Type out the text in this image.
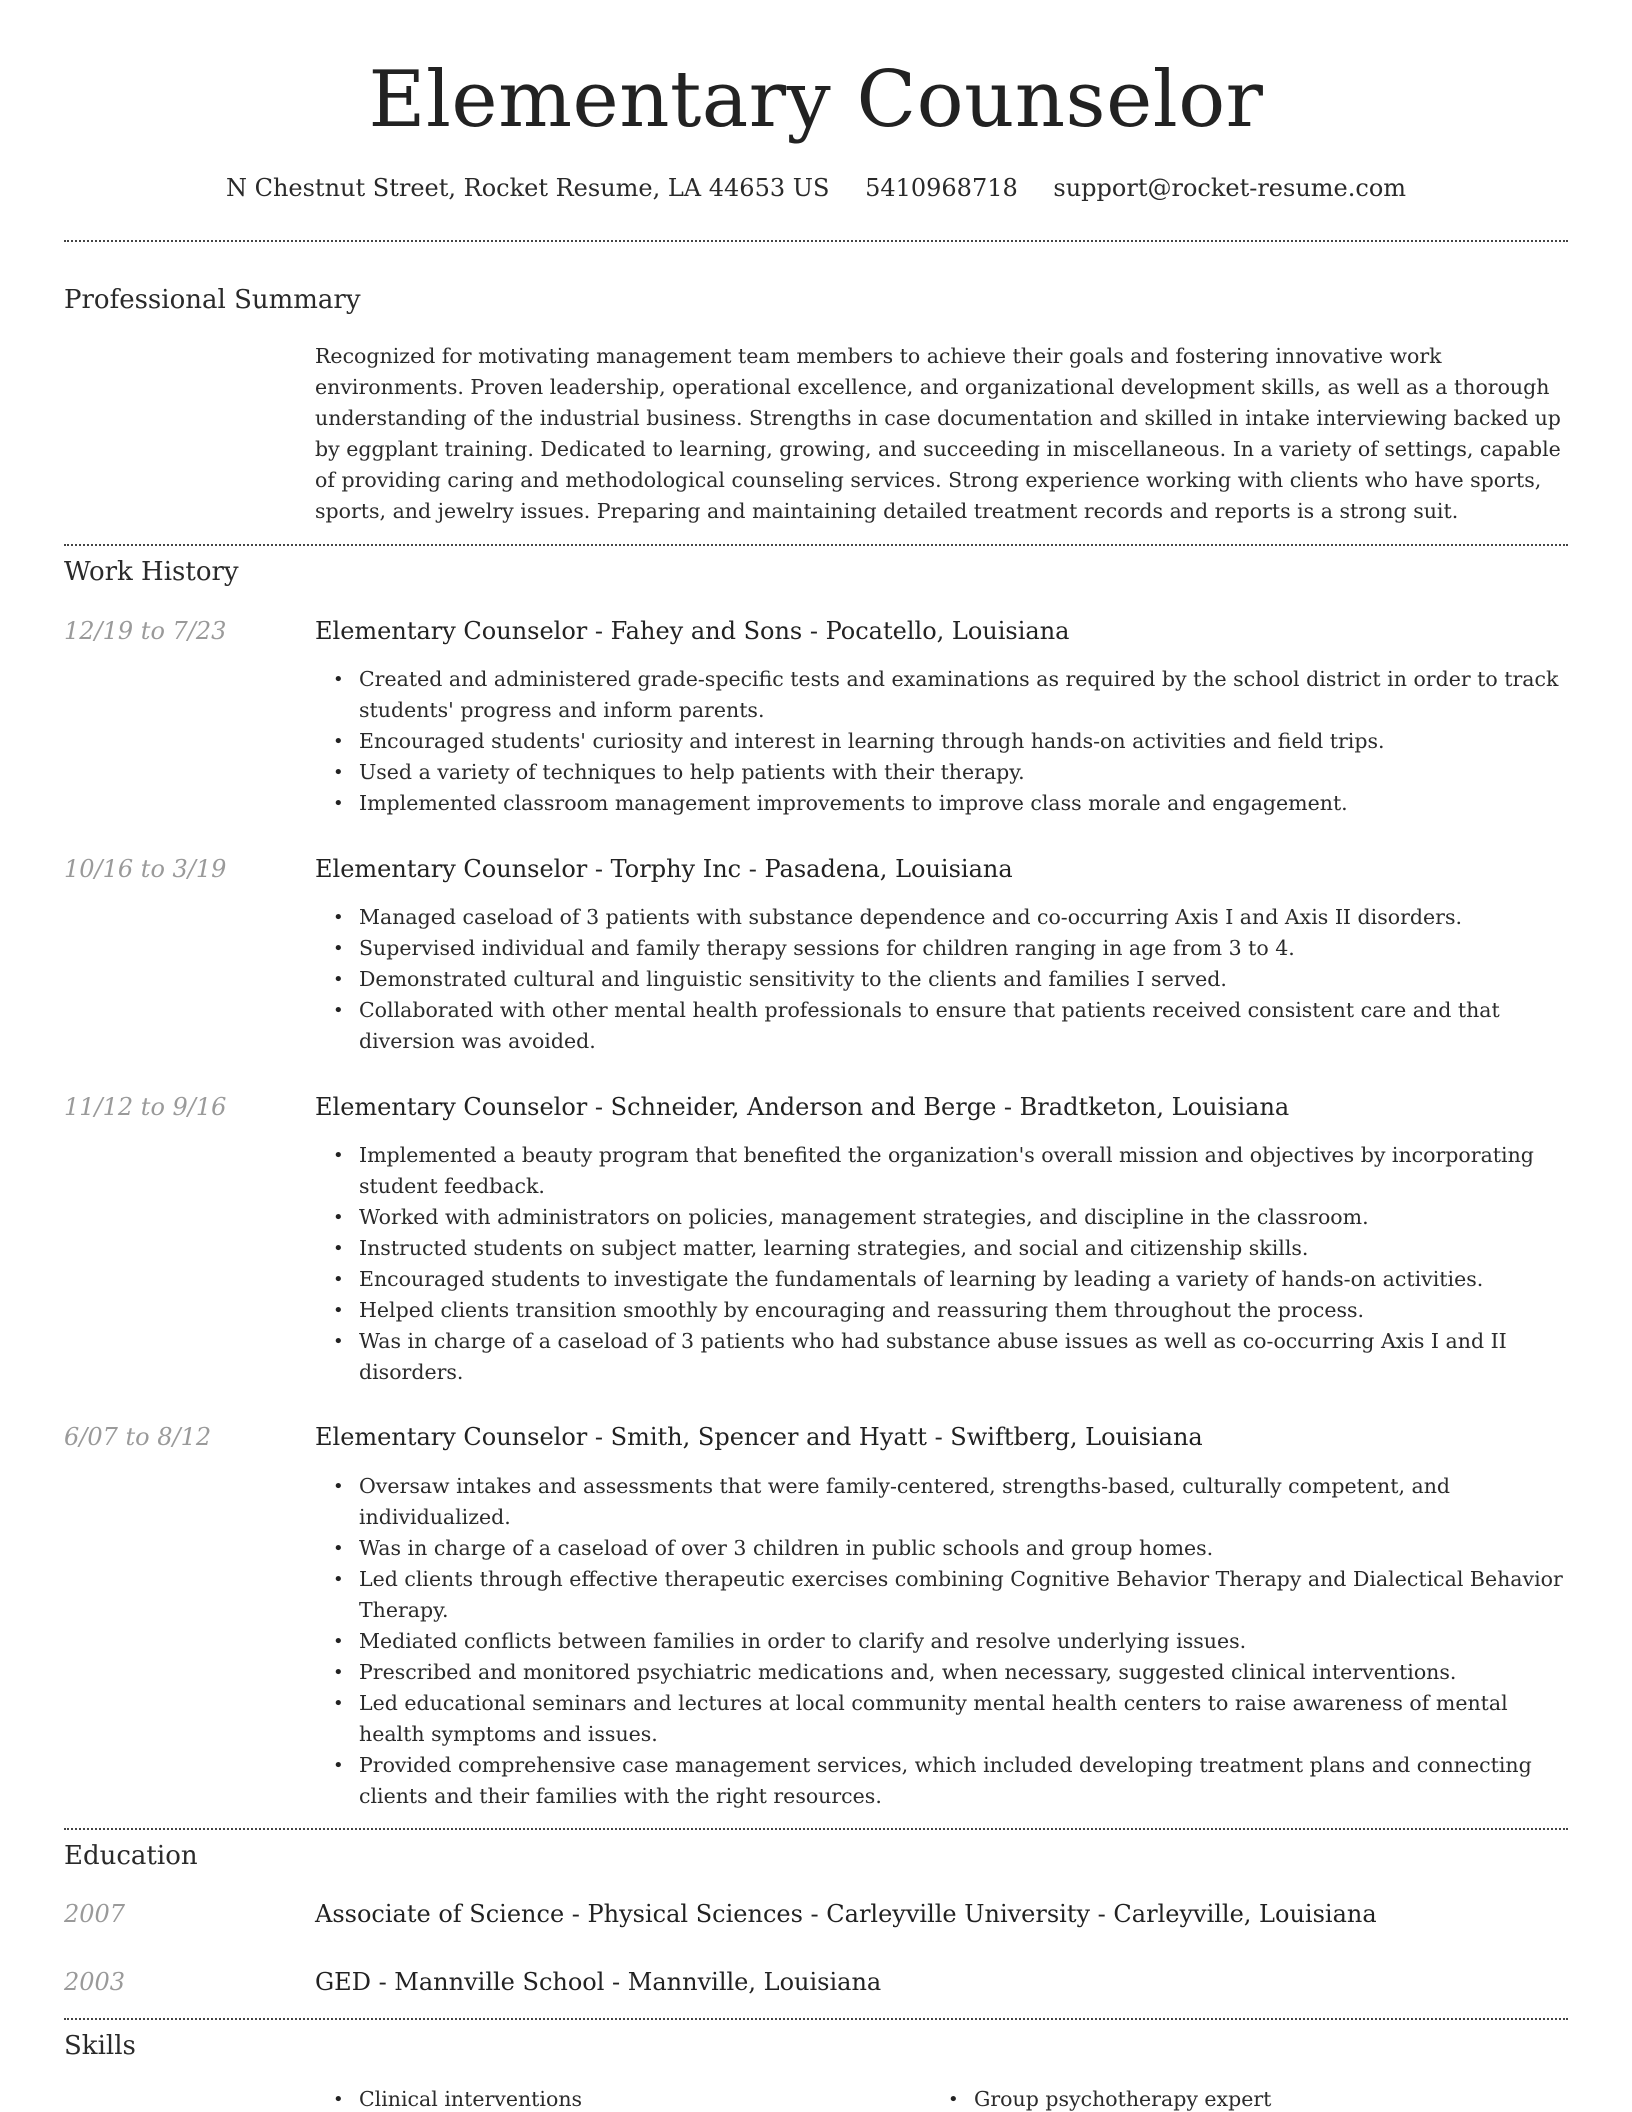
Elementary Counselor
N Chestnut Street, Rocket Resume, LA 44653 US 5410968718 support@rocket-resume.com
Professional Summary

Recognized for motivating management team members to achieve their goals and fostering innovative work environments. Proven leadership, operational excellence, and organizational development skills, as well as a thorough understanding of the industrial business. Strengths in case documentation and skilled in intake interviewing backed up by eggplant training. Dedicated to learning, growing, and succeeding in miscellaneous. In a variety of settings, capable of providing caring and methodological counseling services. Strong experience working with clients who have sports, sports, and jewelry issues. Preparing and maintaining detailed treatment records and reports is a strong suit.

Work History
12/19 to 7/23	Elementary Counselor - Fahey and Sons - Pocatello, Louisiana
• Created and administered grade-specific tests and examinations as required by the school district in order to track students' progress and inform parents.
• Encouraged students' curiosity and interest in learning through hands-on activities and field trips.
• Used a variety of techniques to help patients with their therapy.
• Implemented classroom management improvements to improve class morale and engagement.
10/16 to 3/19	Elementary Counselor - Torphy Inc - Pasadena, Louisiana
• Managed caseload of 3 patients with substance dependence and co-occurring Axis I and Axis II disorders.
• Supervised individual and family therapy sessions for children ranging in age from 3 to 4.
• Demonstrated cultural and linguistic sensitivity to the clients and families I served.
• Collaborated with other mental health professionals to ensure that patients received consistent care and that diversion was avoided.
11/12 to 9/16	Elementary Counselor - Schneider, Anderson and Berge - Bradtketon, Louisiana
• Implemented a beauty program that benefited the organization's overall mission and objectives by incorporating student feedback.
• Worked with administrators on policies, management strategies, and discipline in the classroom.
• Instructed students on subject matter, learning strategies, and social and citizenship skills.
• Encouraged students to investigate the fundamentals of learning by leading a variety of hands-on activities.
• Helped clients transition smoothly by encouraging and reassuring them throughout the process.
• Was in charge of a caseload of 3 patients who had substance abuse issues as well as co-occurring Axis I and II disorders.
6/07 to 8/12	Elementary Counselor - Smith, Spencer and Hyatt - Swiftberg, Louisiana
• Oversaw intakes and assessments that were family-centered, strengths-based, culturally competent, and individualized.
• Was in charge of a caseload of over 3 children in public schools and group homes.
• Led clients through effective therapeutic exercises combining Cognitive Behavior Therapy and Dialectical Behavior Therapy.
• Mediated conflicts between families in order to clarify and resolve underlying issues.
• Prescribed and monitored psychiatric medications and, when necessary, suggested clinical interventions.
• Led educational seminars and lectures at local community mental health centers to raise awareness of mental health symptoms and issues.
• Provided comprehensive case management services, which included developing treatment plans and connecting clients and their families with the right resources.
Education
2007	Associate of Science - Physical Sciences - Carleyville University - Carleyville, Louisiana
2003	GED - Mannville School - Mannville, Louisiana
Skills
• Clinical interventions
•	Group psychotherapy expert
